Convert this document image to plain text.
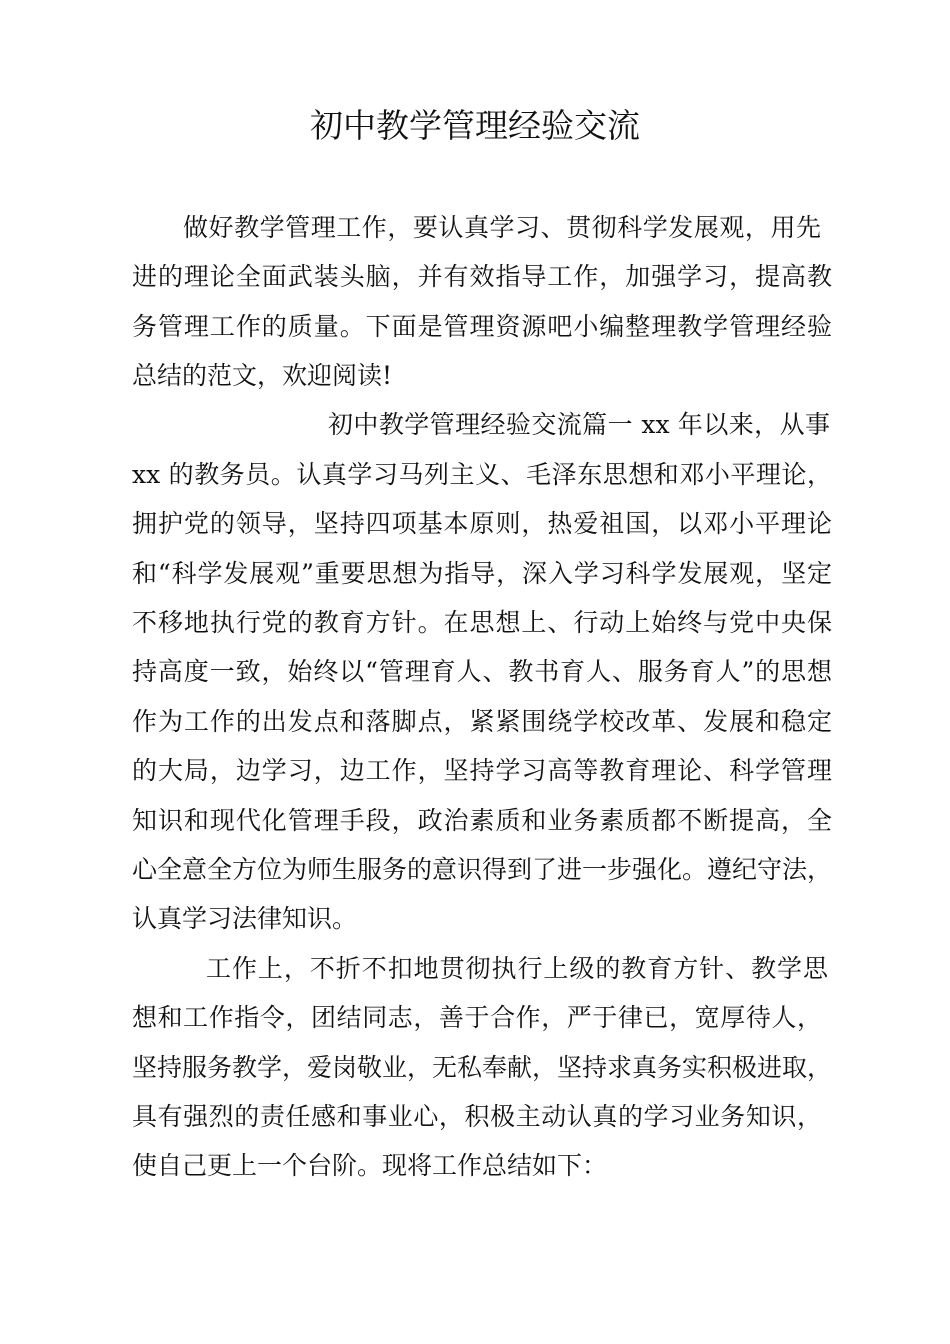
初中教学管理经验交流

做好教学管理工作，要认真学习、贯彻科学发展观，用先

进的理论全面武装头脑，并有效指导工作，加强学习，提高教

务管理工作的质量。下面是管理资源吧小编整理教学管理经验

总结的范文，欢迎阅读!

初中教学管理经验交流篇一 xx 年以来，从事

xx 的教务员。认真学习马列主义、毛泽东思想和邓小平理论，

拥护党的领导，坚持四项基本原则，热爱祖国，以邓小平理论

和“科学发展观”重要思想为指导，深入学习科学发展观，坚定

不移地执行党的教育方针。在思想上、行动上始终与党中央保

持高度一致，始终以“管理育人、教书育人、服务育人”的思想

作为工作的出发点和落脚点，紧紧围绕学校改革、发展和稳定

的大局，边学习，边工作，坚持学习高等教育理论、科学管理

知识和现代化管理手段，政治素质和业务素质都不断提高，全

心全意全方位为师生服务的意识得到了进一步强化。遵纪守法，

认真学习法律知识。

工作上，不折不扣地贯彻执行上级的教育方针、教学思

想和工作指令，团结同志，善于合作，严于律已，宽厚待人，

坚持服务教学，爱岗敬业，无私奉献，坚持求真务实积极进取，

具有强烈的责任感和事业心，积极主动认真的学习业务知识，

使自己更上一个台阶。现将工作总结如下：
